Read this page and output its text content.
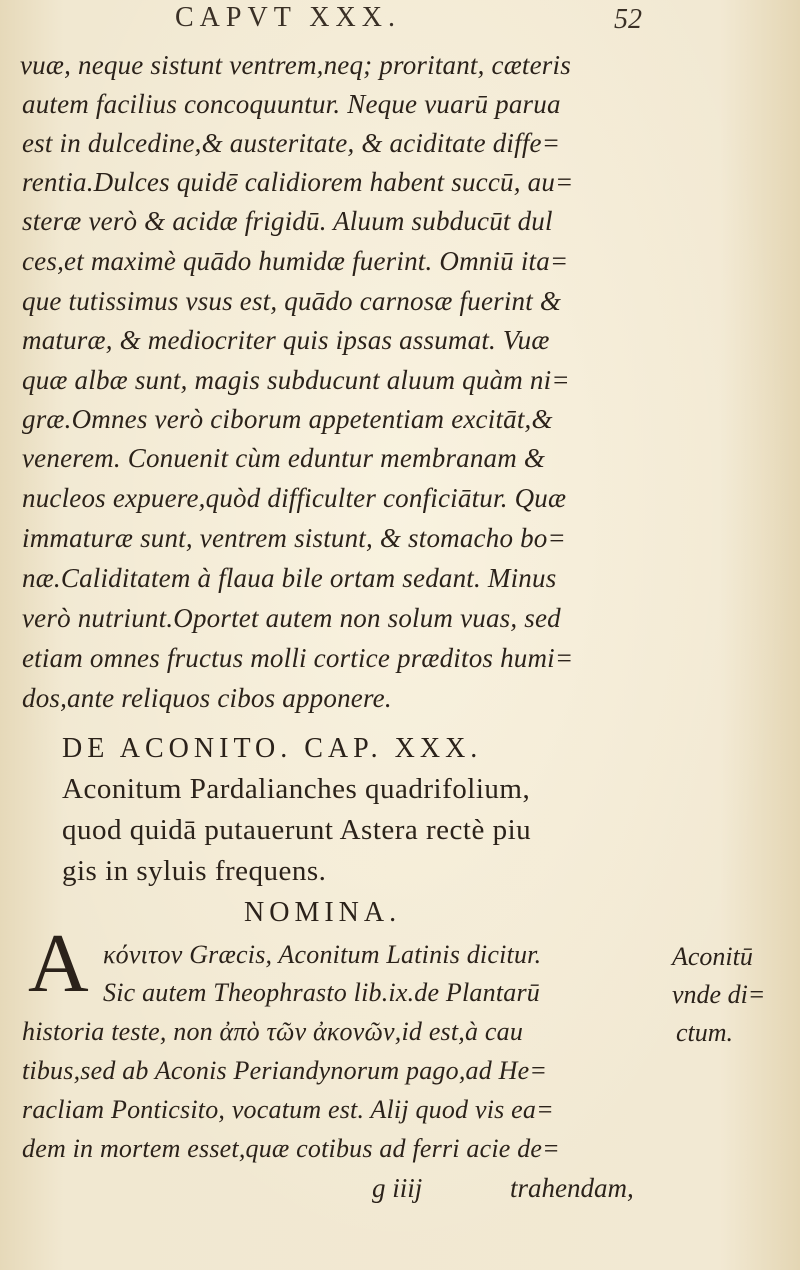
CAPVT XXX.	52
vuæ, neque sistunt ventrem,neq; proritant, cæteris
autem facilius concoquuntur. Neque vuarū parua
est in dulcedine,& austeritate, & aciditate diffe=
rentia.Dulces quidē calidiorem habent succū, au=
steræ verò & acidæ frigidū. Aluum subducūt dul
ces,et maximè quādo humidæ fuerint. Omniū ita=
que tutissimus vsus est, quādo carnosæ fuerint &
maturæ, & mediocriter quis ipsas assumat. Vuæ
quæ albæ sunt, magis subducunt aluum quàm ni=
græ.Omnes verò ciborum appetentiam excitāt,&
venerem. Conuenit cùm eduntur membranam &
nucleos expuere,quòd difficulter conficiātur. Quæ
immaturæ sunt, ventrem sistunt, & stomacho bo=
næ.Caliditatem à flaua bile ortam sedant. Minus
verò nutriunt.Oportet autem non solum vuas, sed
etiam omnes fructus molli cortice præditos humi=
dos,ante reliquos cibos apponere.
DE ACONITO. CAP. XXX.
Aconitum Pardalianches quadrifolium,
quod quidā putauerunt Astera rectè piu
gis in syluis frequens.
NOMINA.
A κόνιτον Græcis, Aconitum Latinis dicitur.
Sic autem Theophrasto lib.ix.de Plantarū
historia teste, non ἀπὸ τῶν ἀκονῶν,id est,à cau
tibus,sed ab Aconis Periandynorum pago,ad He=
racliam Ponticsito, vocatum est. Alij quod vis ea=
dem in mortem esset,quæ cotibus ad ferri acie de=
Aconitū
vnde di=
ctum.
g iiij	trahendam,
